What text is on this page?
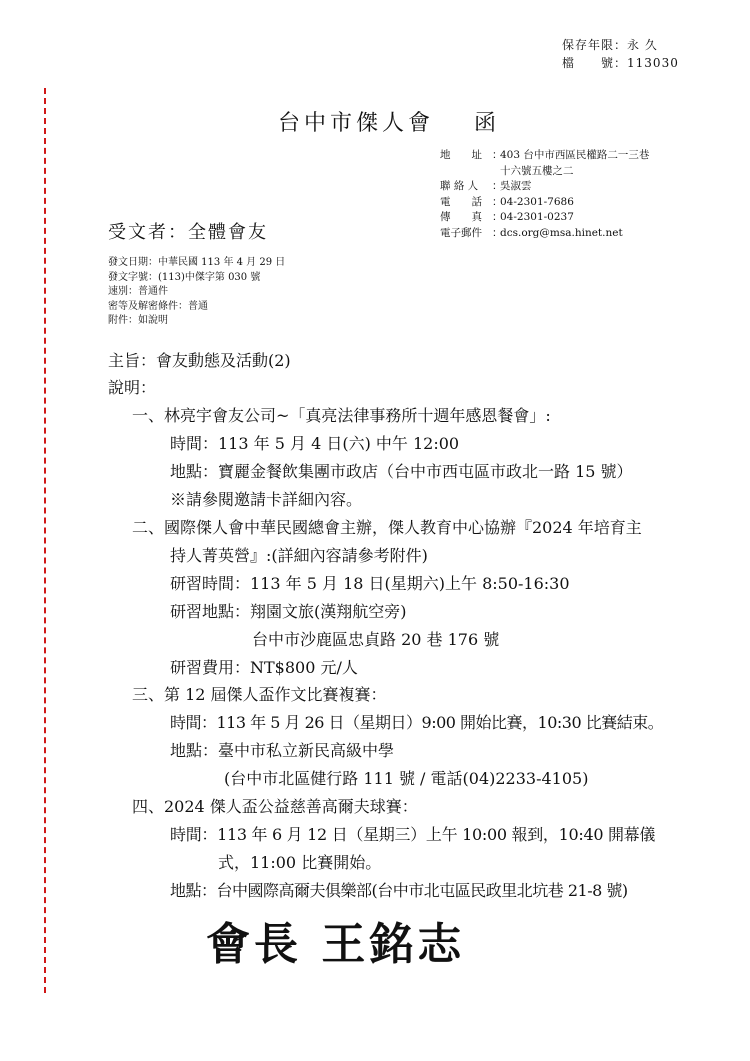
保存年限：永 久
檔　　號：113030
台中市傑人會 函
地　　址 ：
403 台中市西區民權路二一三巷
十六號五樓之二
聯 絡 人	：
吳淑雲
電　　話 ：
04-2301-7686
傳　　真 ：
04-2301-0237
電子郵件 ：
dcs.org@msa.hinet.net
受文者：全體會友
發文日期：中華民國 113 年 4 月 29 日
發文字號：(113)中傑字第 030 號
速別：普通件
密等及解密條件：普通
附件：如說明
主旨：會友動態及活動(2)
說明：
一、林亮宇會友公司~「真亮法律事務所十週年感恩餐會」:
時間：113 年 5 月 4 日(六) 中午 12:00
地點：寶麗金餐飲集團市政店（台中市西屯區市政北一路 15 號）
※請參閱邀請卡詳細內容。
二、國際傑人會中華民國總會主辦，傑人教育中心協辦『2024 年培育主
持人菁英營』:(詳細內容請參考附件)
研習時間：113 年 5 月 18 日(星期六)上午 8:50-16:30
研習地點：翔園文旅(漢翔航空旁)
台中市沙鹿區忠貞路 20 巷 176 號
研習費用：NT$800 元/人
三、第 12 屆傑人盃作文比賽複賽：
時間：113 年 5 月 26 日（星期日）9:00 開始比賽，10:30 比賽結束。
地點：臺中市私立新民高級中學
(台中市北區健行路 111 號 / 電話(04)2233-4105)
四、2024 傑人盃公益慈善高爾夫球賽：
時間：113 年 6 月 12 日（星期三）上午 10:00 報到，10:40 開幕儀
式，11:00 比賽開始。
地點：台中國際高爾夫俱樂部(台中市北屯區民政里北坑巷 21-8 號)
會長 王銘志
